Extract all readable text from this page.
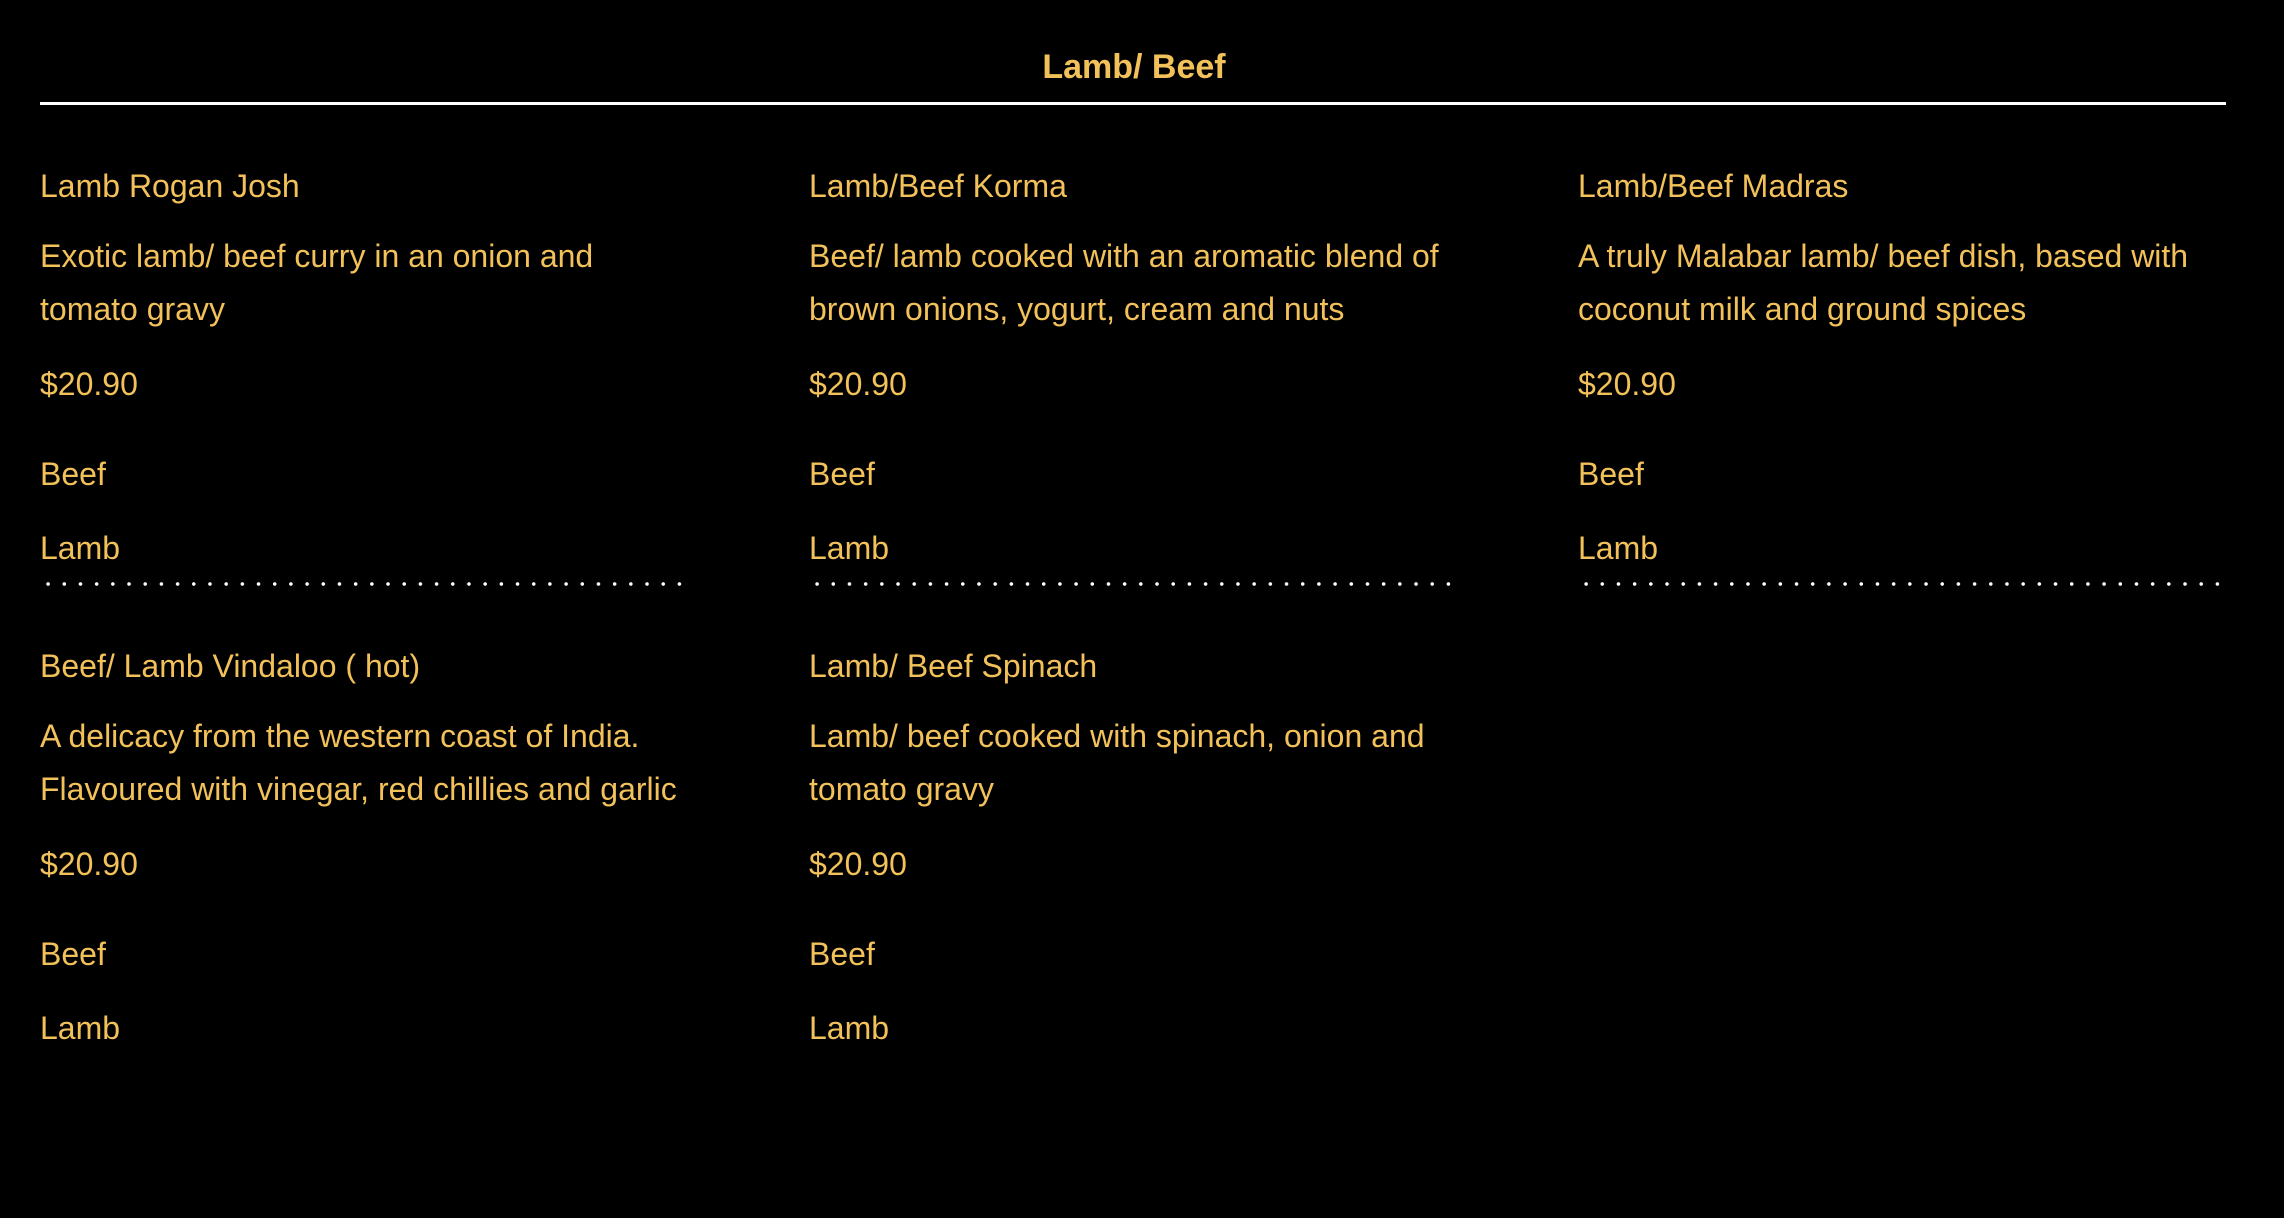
Lamb/ Beef
Lamb Rogan Josh
Exotic lamb/ beef curry in an onion and tomato gravy
$20.90
Beef
Lamb
Lamb/Beef Korma
Beef/ lamb cooked with an aromatic blend of brown onions, yogurt, cream and nuts
$20.90
Beef
Lamb
Lamb/Beef Madras
A truly Malabar lamb/ beef dish, based with coconut milk and ground spices
$20.90
Beef
Lamb
Beef/ Lamb Vindaloo ( hot)
A delicacy from the western coast of India. Flavoured with vinegar, red chillies and garlic
$20.90
Beef
Lamb
Lamb/ Beef Spinach
Lamb/ beef cooked with spinach, onion and tomato gravy
$20.90
Beef
Lamb
